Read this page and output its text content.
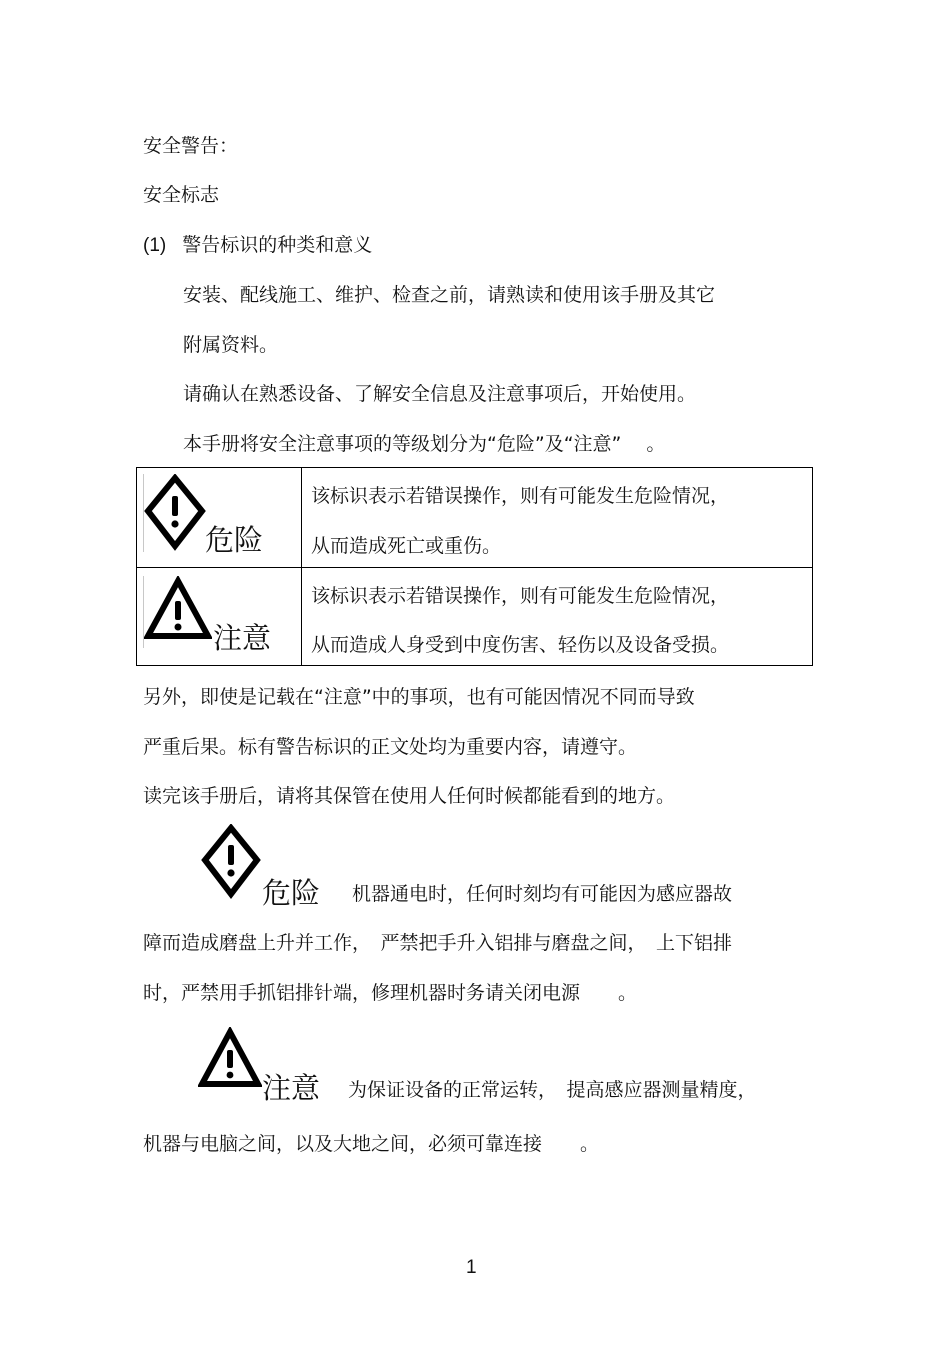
安全警告：
安全标志
(1) 警告标识的种类和意义
安装、配线施工、维护、检查之前，请熟读和使用该手册及其它
附属资料。
请确认在熟悉设备、了解安全信息及注意事项后，开始使用。
本手册将安全注意事项的等级划分为“危险”及“注意”　 。
危险
该标识表示若错误操作，则有可能发生危险情况，
从而造成死亡或重伤。
注意
该标识表示若错误操作，则有可能发生危险情况，
从而造成人身受到中度伤害、轻伤以及设备受损。
另外，即使是记载在“注意”中的事项，也有可能因情况不同而导致
严重后果。标有警告标识的正文处均为重要内容，请遵守。
读完该手册后，请将其保管在使用人任何时候都能看到的地方。
危险 机器通电时，任何时刻均有可能因为感应器故
障而造成磨盘上升并工作，　严禁把手升入铝排与磨盘之间，　上下铝排
时，严禁用手抓铝排针端，修理机器时务请关闭电源　　。
注意 为保证设备的正常运转，　提高感应器测量精度，
机器与电脑之间，以及大地之间，必须可靠连接　　。
1
